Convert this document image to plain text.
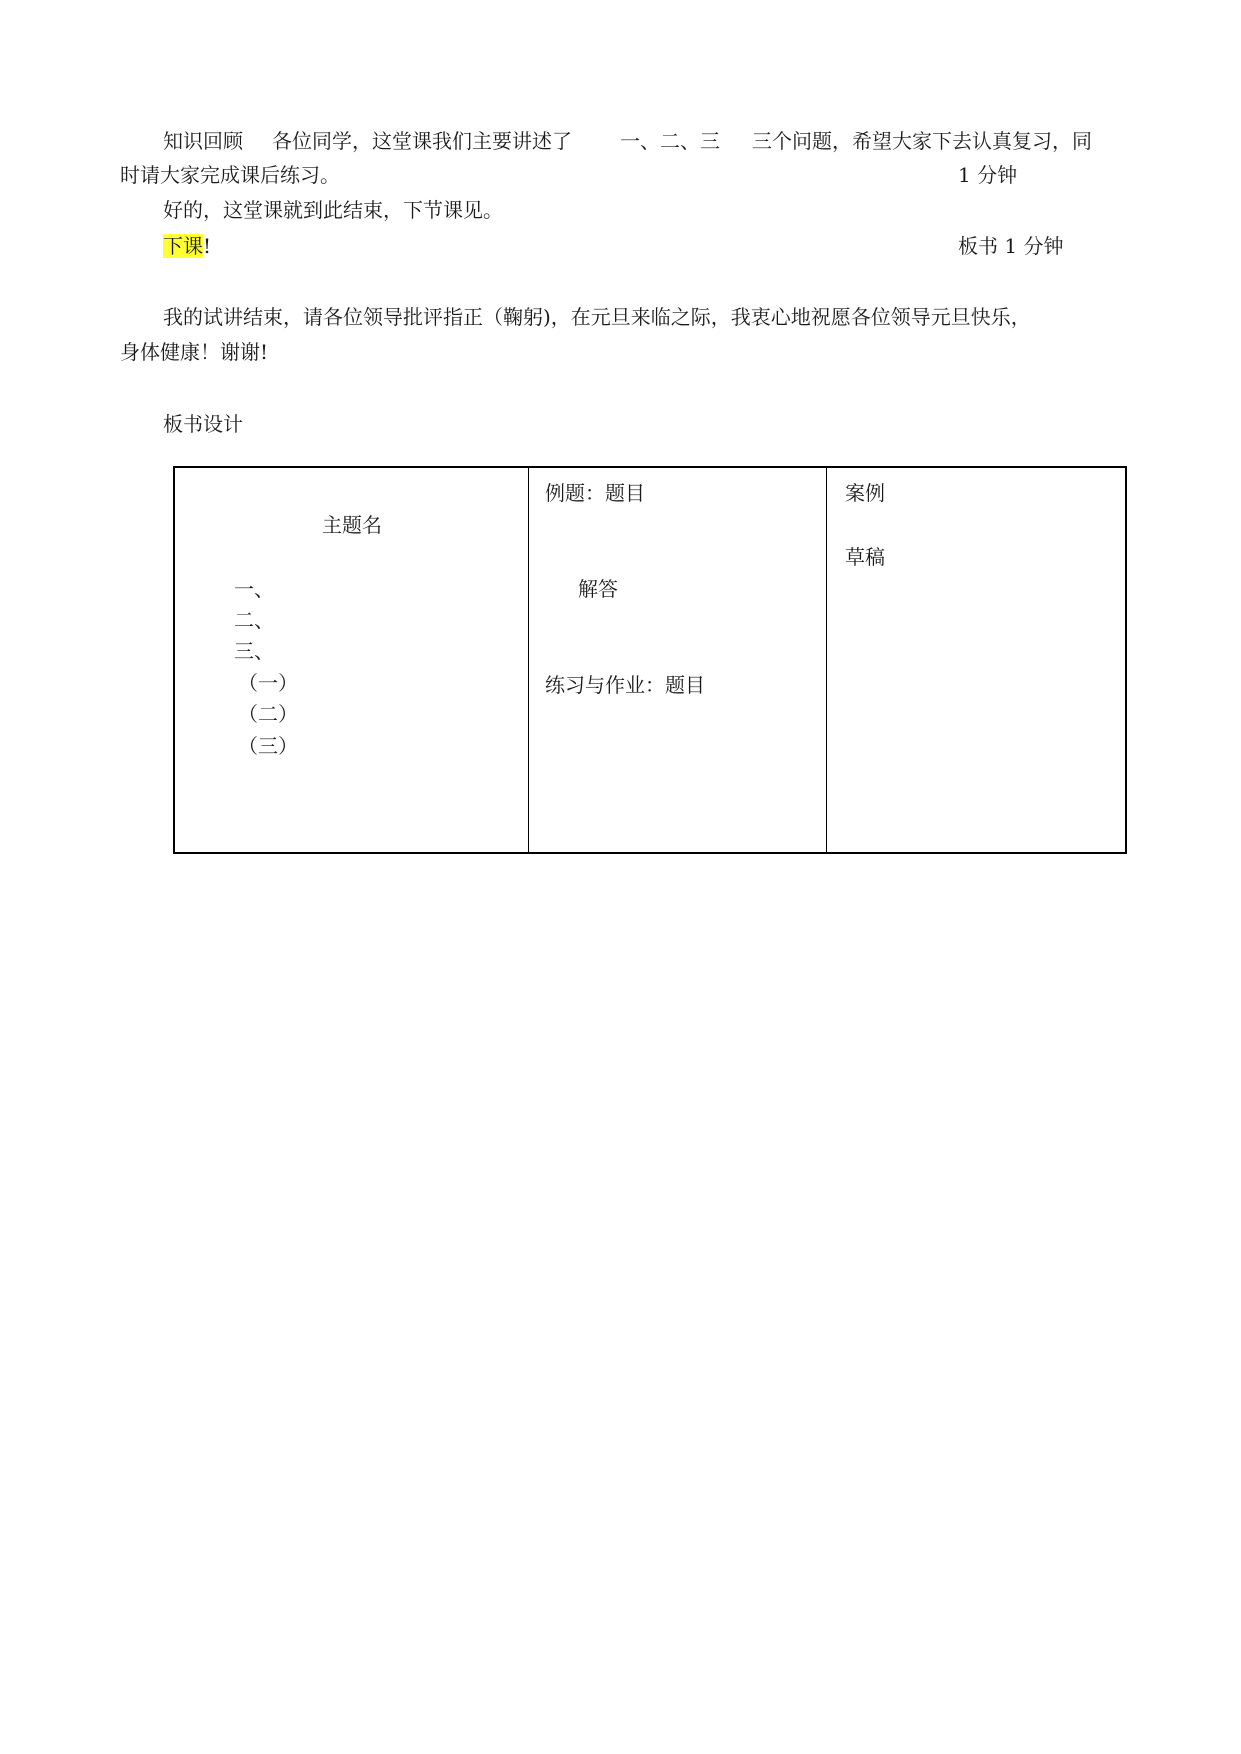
知识回顾 各位同学，这堂课我们主要讲述了 一、二、三 三个问题，希望大家下去认真复习，同
时请大家完成课后练习。	1 分钟
好的，这堂课就到此结束，下节课见。
下课!	板书 1 分钟
我的试讲结束，请各位领导批评指正（鞠躬)，在元旦来临之际，我衷心地祝愿各位领导元旦快乐，
身体健康！谢谢!
板书设计
主题名
一、
二、
三、
（一）
（二）
（三）
例题：题目
解答
练习与作业：题目
案例
草稿
